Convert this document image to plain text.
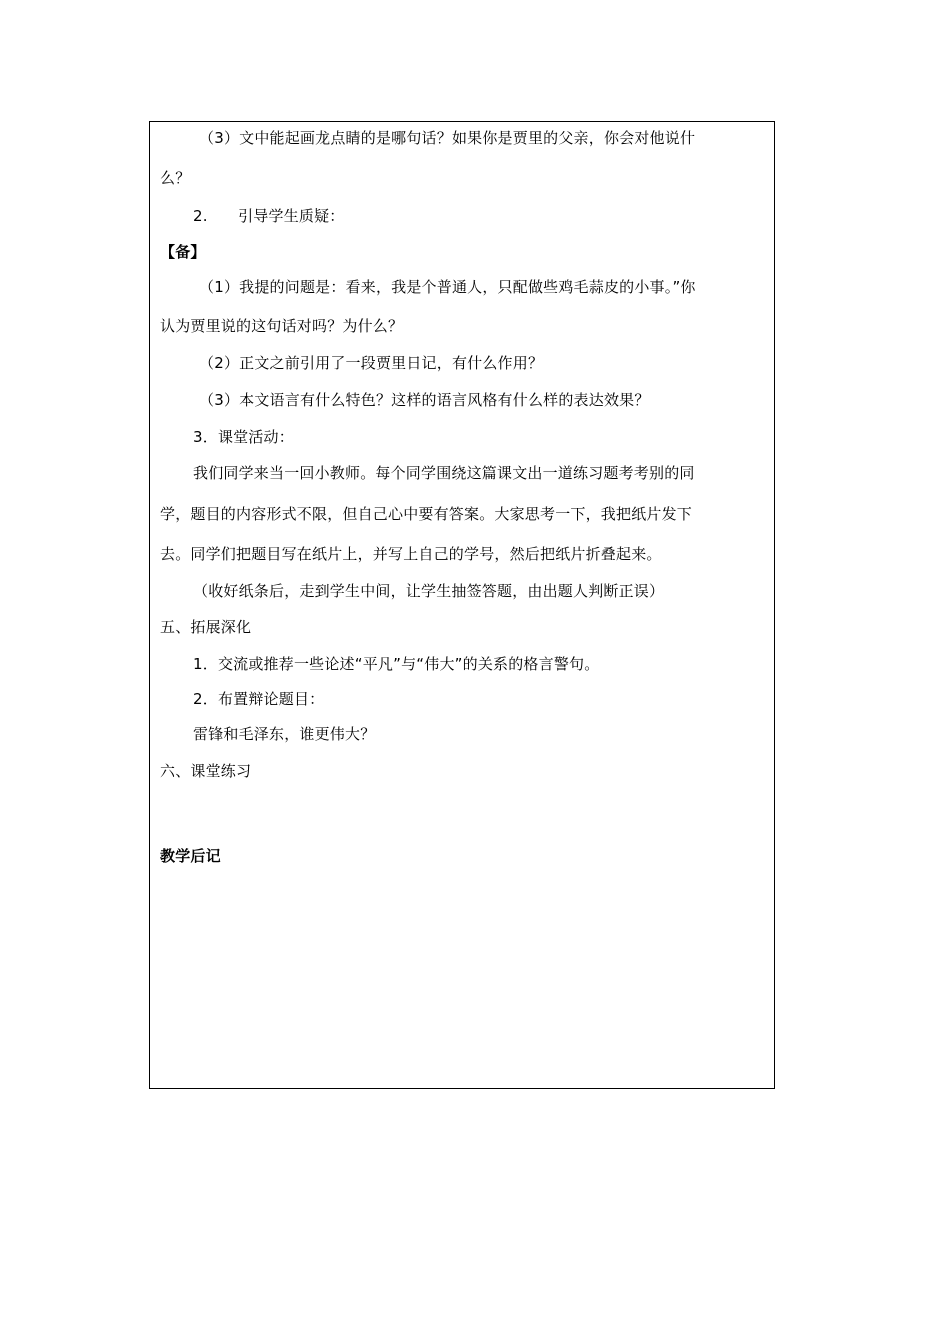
（3）文中能起画龙点睛的是哪句话？如果你是贾里的父亲，你会对他说什
么？
2.　　引导学生质疑：
【备】
（1）我提的问题是：看来，我是个普通人，只配做些鸡毛蒜皮的小事。”你
认为贾里说的这句话对吗？为什么？
（2）正文之前引用了一段贾里日记，有什么作用？
（3）本文语言有什么特色？这样的语言风格有什么样的表达效果？
3．课堂活动：
我们同学来当一回小教师。每个同学围绕这篇课文出一道练习题考考别的同
学，题目的内容形式不限，但自己心中要有答案。大家思考一下，我把纸片发下
去。同学们把题目写在纸片上，并写上自己的学号，然后把纸片折叠起来。
（收好纸条后，走到学生中间，让学生抽签答题，由出题人判断正误）
五、拓展深化
1．交流或推荐一些论述“平凡”与“伟大”的关系的格言警句。
2．布置辩论题目：
雷锋和毛泽东，谁更伟大？
六、课堂练习
教学后记
